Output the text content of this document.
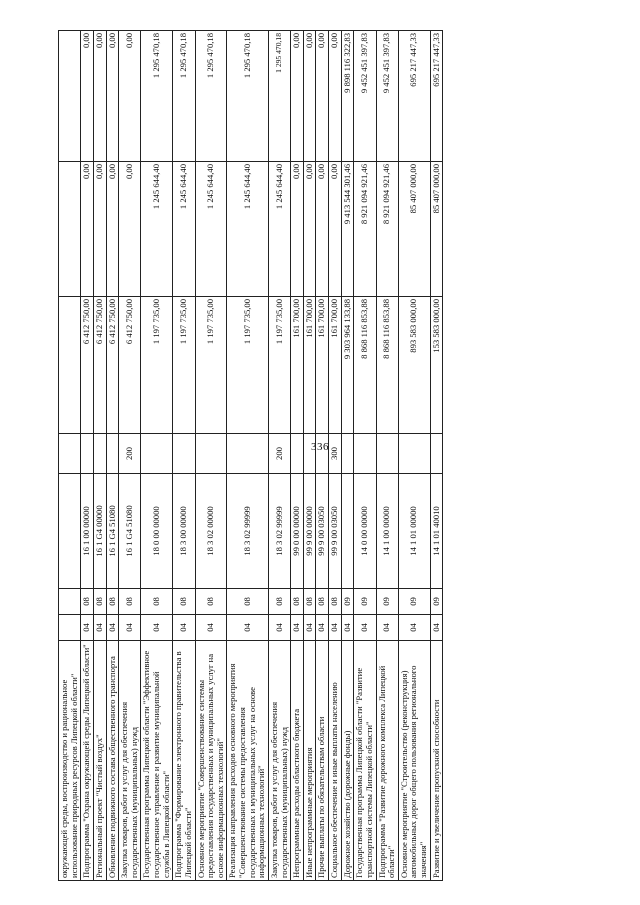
336
окружающей среды, воспроизводство и рациональное использование природных ресурсов Липецкой области"							
Подпрограмма "Охрана окружающей среды Липецкой области"	04	08	16 1 00 00000		6 412 750,00	0,00	0,00
Региональный проект "Чистый воздух"	04	08	16 1 G4 00000		6 412 750,00	0,00	0,00
Обновление подвижного состава общественного транспорта	04	08	16 1 G4 51080		6 412 750,00	0,00	0,00
Закупка товаров, работ и услуг для обеспечения государственных (муниципальных) нужд	04	08	16 1 G4 51080	200	6 412 750,00	0,00	0,00
Государственная программа Липецкой области "Эффективное государственное управление и развитие муниципальной службы в Липецкой области"	04	08	18 0 00 00000		1 197 735,00	1 245 644,40	1 295 470,18
Подпрограмма "Формирование электронного правительства в Липецкой области"	04	08	18 3 00 00000		1 197 735,00	1 245 644,40	1 295 470,18
Основное мероприятие "Совершенствование системы предоставления государственных и муниципальных услуг на основе информационных технологий"	04	08	18 3 02 00000		1 197 735,00	1 245 644,40	1 295 470,18
Реализация направления расходов основного мероприятия "Совершенствование системы предоставления государственных и муниципальных услуг на основе информационных технологий"	04	08	18 3 02 99999		1 197 735,00	1 245 644,40	1 295 470,18
Закупка товаров, работ и услуг для обеспечения государственных (муниципальных) нужд	04	08	18 3 02 99999	200	1 197 735,00	1 245 644,40	1 295 470,18
Непрограммные расходы областного бюджета	04	08	99 0 00 00000		161 700,00	0,00	0,00
Иные непрограммные мероприятия	04	08	99 9 00 00000		161 700,00	0,00	0,00
Прочие выплаты по обязательствам области	04	08	99 9 00 03050		161 700,00	0,00	0,00
Социальное обеспечение и иные выплаты населению	04	08	99 9 00 03050	300	161 700,00	0,00	0,00
Дорожное хозяйство (дорожные фонды)	04	09			9 303 964 133,88	9 413 544 301,46	9 898 116 322,83
Государственная программа Липецкой области "Развитие транспортной системы Липецкой области"	04	09	14 0 00 00000		8 868 116 853,88	8 921 094 921,46	9 452 451 397,83
Подпрограмма "Развитие дорожного комплекса Липецкой области"	04	09	14 1 00 00000		8 868 116 853,88	8 921 094 921,46	9 452 451 397,83
Основное мероприятие "Строительство (реконструкция) автомобильных дорог общего пользования регионального значения"	04	09	14 1 01 00000		893 583 000,00	85 407 000,00	695 217 447,33
Развитие и увеличение пропускной способности	04	09	14 1 01 40010		153 583 000,00	85 407 000,00	695 217 447,33
